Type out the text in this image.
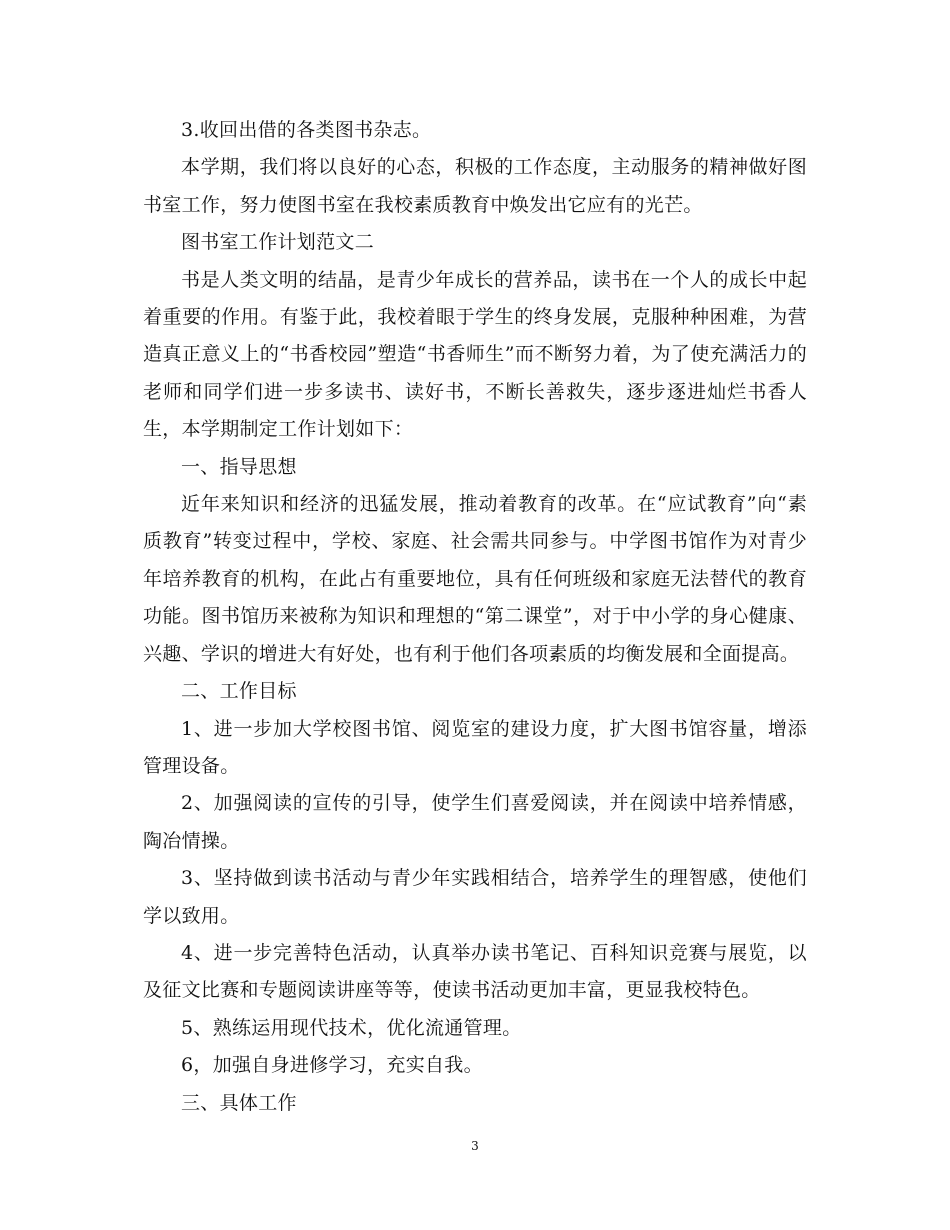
3.收回出借的各类图书杂志。

本学期，我们将以良好的心态，积极的工作态度，主动服务的精神做好图书室工作，努力使图书室在我校素质教育中焕发出它应有的光芒。

图书室工作计划范文二

书是人类文明的结晶，是青少年成长的营养品，读书在一个人的成长中起着重要的作用。有鉴于此，我校着眼于学生的终身发展，克服种种困难，为营造真正意义上的“书香校园”塑造“书香师生”而不断努力着，为了使充满活力的老师和同学们进一步多读书、读好书，不断长善救失，逐步逐进灿烂书香人生，本学期制定工作计划如下：

一、指导思想

近年来知识和经济的迅猛发展，推动着教育的改革。在“应试教育”向“素质教育”转变过程中，学校、家庭、社会需共同参与。中学图书馆作为对青少年培养教育的机构，在此占有重要地位，具有任何班级和家庭无法替代的教育功能。图书馆历来被称为知识和理想的“第二课堂”，对于中小学的身心健康、兴趣、学识的增进大有好处，也有利于他们各项素质的均衡发展和全面提高。

二、工作目标

1、进一步加大学校图书馆、阅览室的建设力度，扩大图书馆容量，增添管理设备。

2、加强阅读的宣传的引导，使学生们喜爱阅读，并在阅读中培养情感，陶冶情操。

3、坚持做到读书活动与青少年实践相结合，培养学生的理智感，使他们学以致用。

4、进一步完善特色活动，认真举办读书笔记、百科知识竞赛与展览，以及征文比赛和专题阅读讲座等等，使读书活动更加丰富，更显我校特色。

5、熟练运用现代技术，优化流通管理。

6，加强自身进修学习，充实自我。

三、具体工作

3
